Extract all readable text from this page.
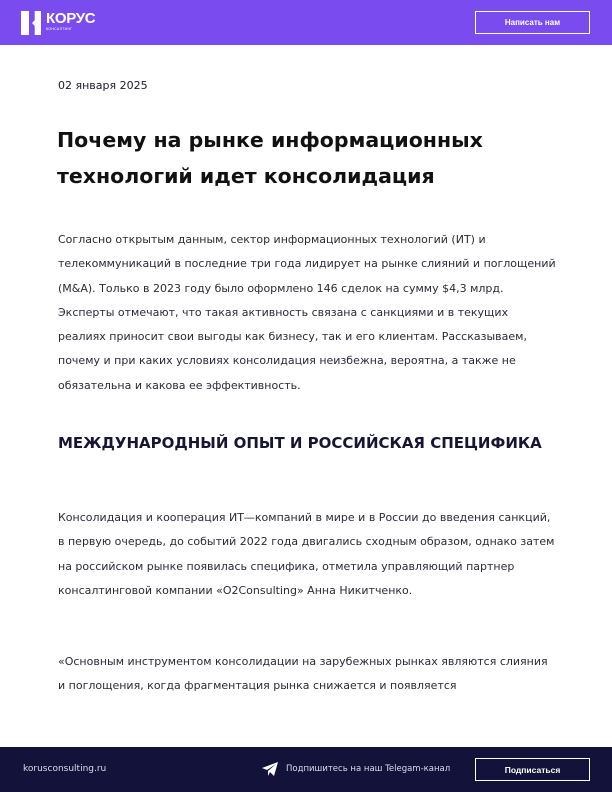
КОРУС
КОНСАЛТИНГ
Написать нам
02 января 2025
Почему на рынке информационных технологий идет консолидация

Согласно открытым данным, сектор информационных технологий (ИТ) и телекоммуникаций в последние три года лидирует на рынке слияний и поглощений (M&A). Только в 2023 году было оформлено 146 сделок на сумму $4,3 млрд. Эксперты отмечают, что такая активность связана с санкциями и в текущих реалиях приносит свои выгоды как бизнесу, так и его клиентам. Рассказываем, почему и при каких условиях консолидация неизбежна, вероятна, а также не обязательна и какова ее эффективность.

МЕЖДУНАРОДНЫЙ ОПЫТ И РОССИЙСКАЯ СПЕЦИФИКА

Консолидация и кооперация ИТ—компаний в мире и в России до введения санкций, в первую очередь, до событий 2022 года двигались сходным образом, однако затем на российском рынке появилась специфика, отметила управляющий партнер консалтинговой компании «O2Consulting» Анна Никитченко.

«Основным инструментом консолидации на зарубежных рынках являются слияния и поглощения, когда фрагментация рынка снижается и появляется

korusconsulting.ru	Подпишитесь на наш Telegam-канал	Подписаться
